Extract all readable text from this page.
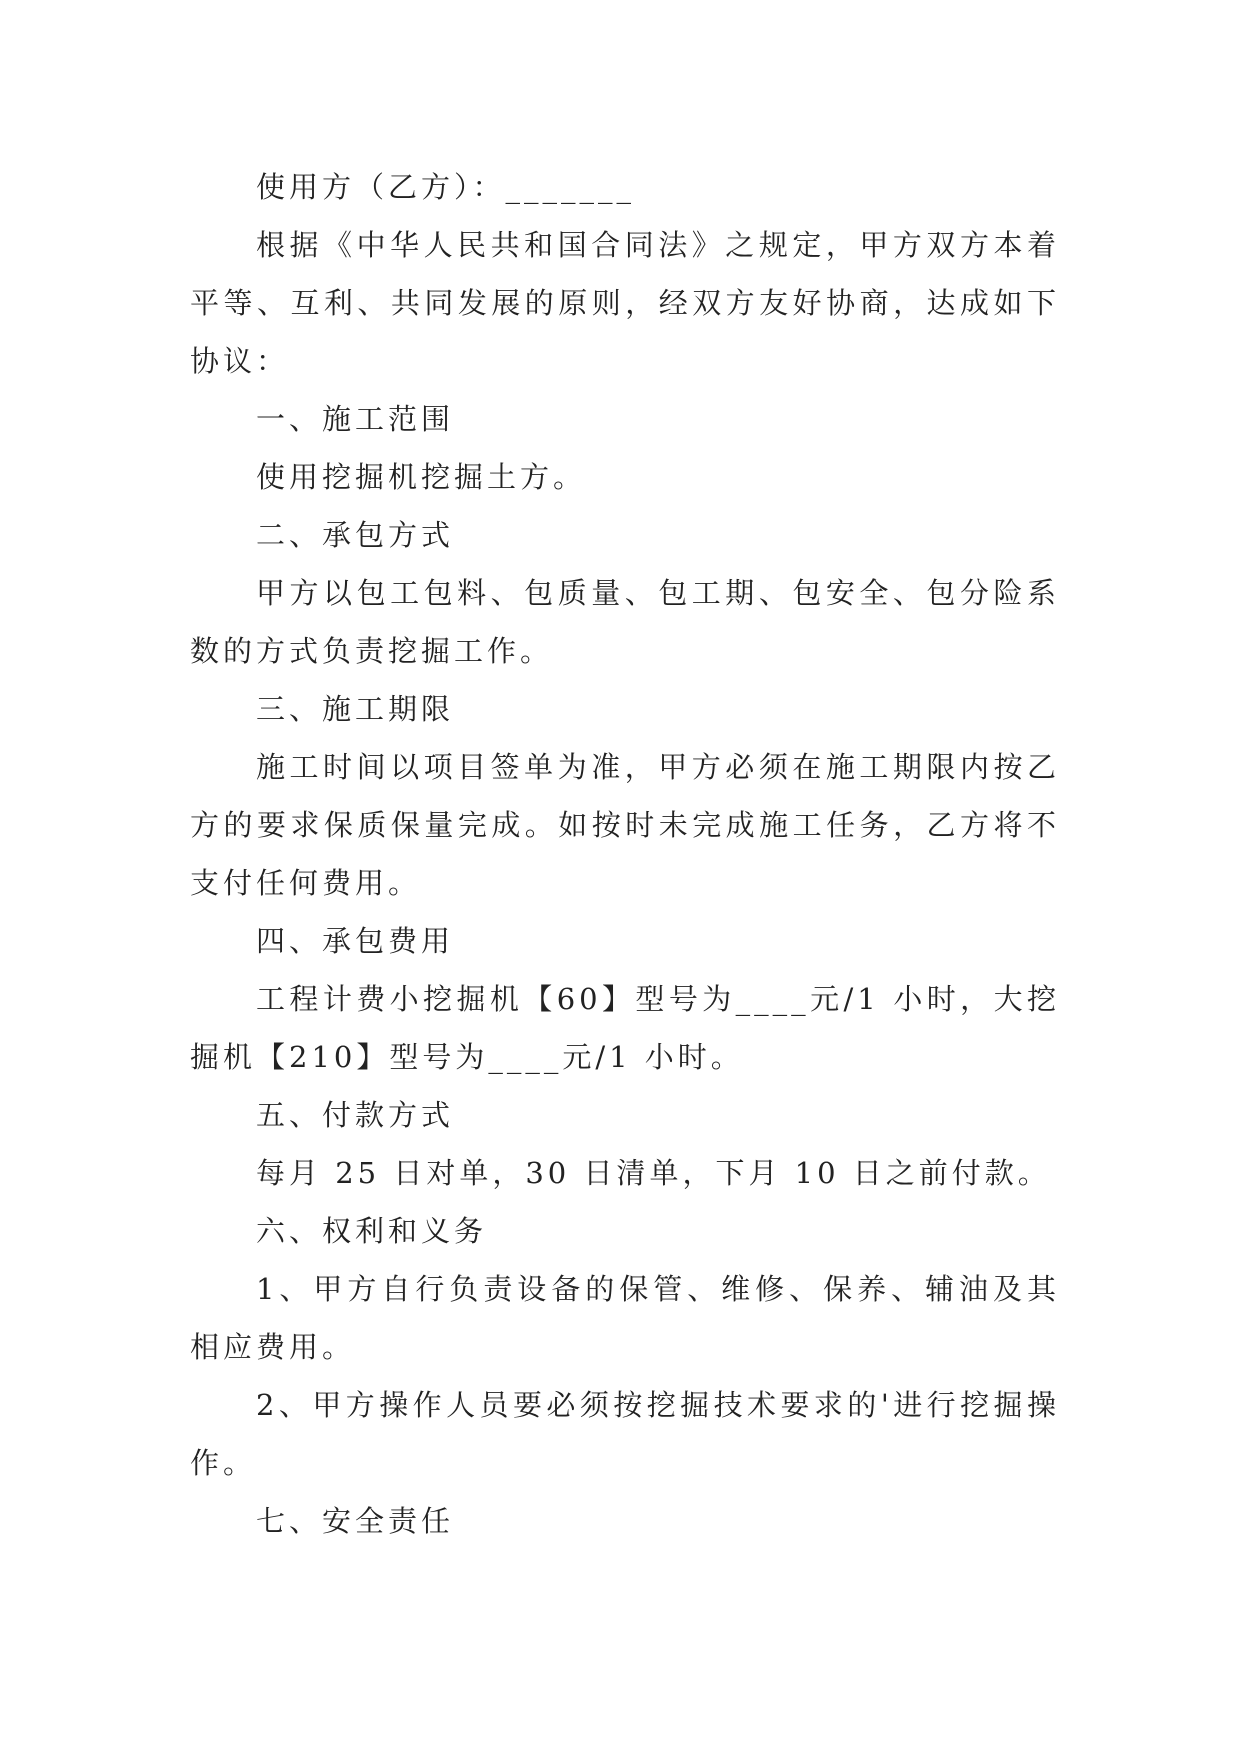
使用方（乙方）：_______

根据《中华人民共和国合同法》之规定，甲方双方本着平等、互利、共同发展的原则，经双方友好协商，达成如下协议：

一、施工范围

使用挖掘机挖掘土方。

二、承包方式

甲方以包工包料、包质量、包工期、包安全、包分险系数的方式负责挖掘工作。

三、施工期限

施工时间以项目签单为准，甲方必须在施工期限内按乙方的要求保质保量完成。如按时未完成施工任务，乙方将不支付任何费用。

四、承包费用

工程计费小挖掘机【60】型号为____元/1 小时，大挖掘机【210】型号为____元/1 小时。

五、付款方式

每月 25 日对单，30 日清单，下月 10 日之前付款。

六、权利和义务

1、甲方自行负责设备的保管、维修、保养、辅油及其相应费用。

2、甲方操作人员要必须按挖掘技术要求的'进行挖掘操作。

七、安全责任
